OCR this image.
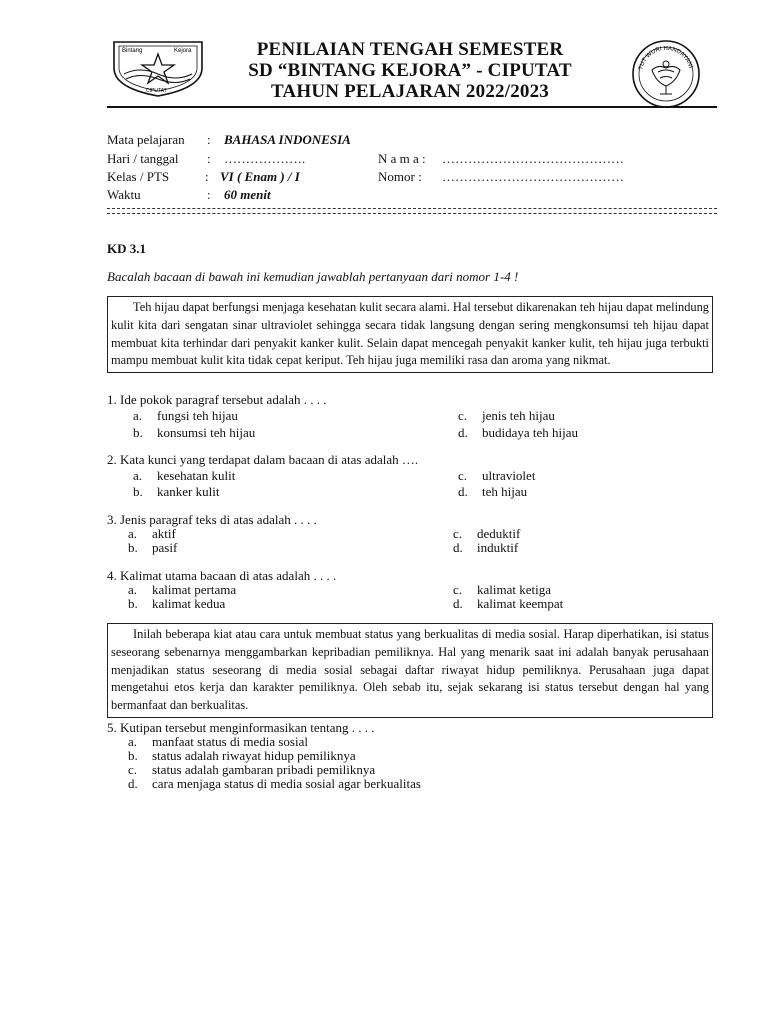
Bintang	Kejora
CIPUTAT
PENILAIAN TENGAH SEMESTER
SD “BINTANG KEJORA” - CIPUTAT
TAHUN PELAJARAN 2022/2023
TUT WURI HANDAYANI
Mata pelajaran : BAHASA INDONESIA
Hari / tanggal : ……………….	N a m a : ……………………………………
Kelas / PTS	: VI ( Enam ) / I	Nomor : ……………………………………
Waktu	: 60 menit
KD 3.1
Bacalah bacaan di bawah ini kemudian jawablah pertanyaan dari nomor 1-4 !
Teh hijau dapat berfungsi menjaga kesehatan kulit secara alami. Hal tersebut dikarenakan teh hijau dapat melindung kulit kita dari sengatan sinar ultraviolet sehingga secara tidak langsung dengan sering mengkonsumsi teh hijau dapat membuat kita terhindar dari penyakit kanker kulit. Selain dapat mencegah penyakit kanker kulit, teh hijau juga terbukti mampu membuat kulit kita tidak cepat keriput. Teh hijau juga memiliki rasa dan aroma yang nikmat.
1. Ide pokok paragraf tersebut adalah . . . .
a. fungsi teh hijau
b. konsumsi teh hijau
c. jenis teh hijau
d. budidaya teh hijau
2. Kata kunci yang terdapat dalam bacaan di atas adalah ….
a. kesehatan kulit
b. kanker kulit
c. ultraviolet
d. teh hijau
3. Jenis paragraf teks di atas adalah . . . .
a. aktif
b. pasif
c. deduktif
d. induktif
4. Kalimat utama bacaan di atas adalah . . . .
a. kalimat pertama
b. kalimat kedua
c. kalimat ketiga
d. kalimat keempat
Inilah beberapa kiat atau cara untuk membuat status yang berkualitas di media sosial. Harap diperhatikan, isi status seseorang sebenarnya menggambarkan kepribadian pemiliknya. Hal yang menarik saat ini adalah banyak perusahaan menjadikan status seseorang di media sosial sebagai daftar riwayat hidup pemiliknya. Perusahaan juga dapat mengetahui etos kerja dan karakter pemiliknya. Oleh sebab itu, sejak sekarang isi status tersebut dengan hal yang bermanfaat dan berkualitas.
5. Kutipan tersebut menginformasikan tentang . . . .
a. manfaat status di media sosial
b. status adalah riwayat hidup pemiliknya
c. status adalah gambaran pribadi pemiliknya
d. cara menjaga status di media sosial agar berkualitas
